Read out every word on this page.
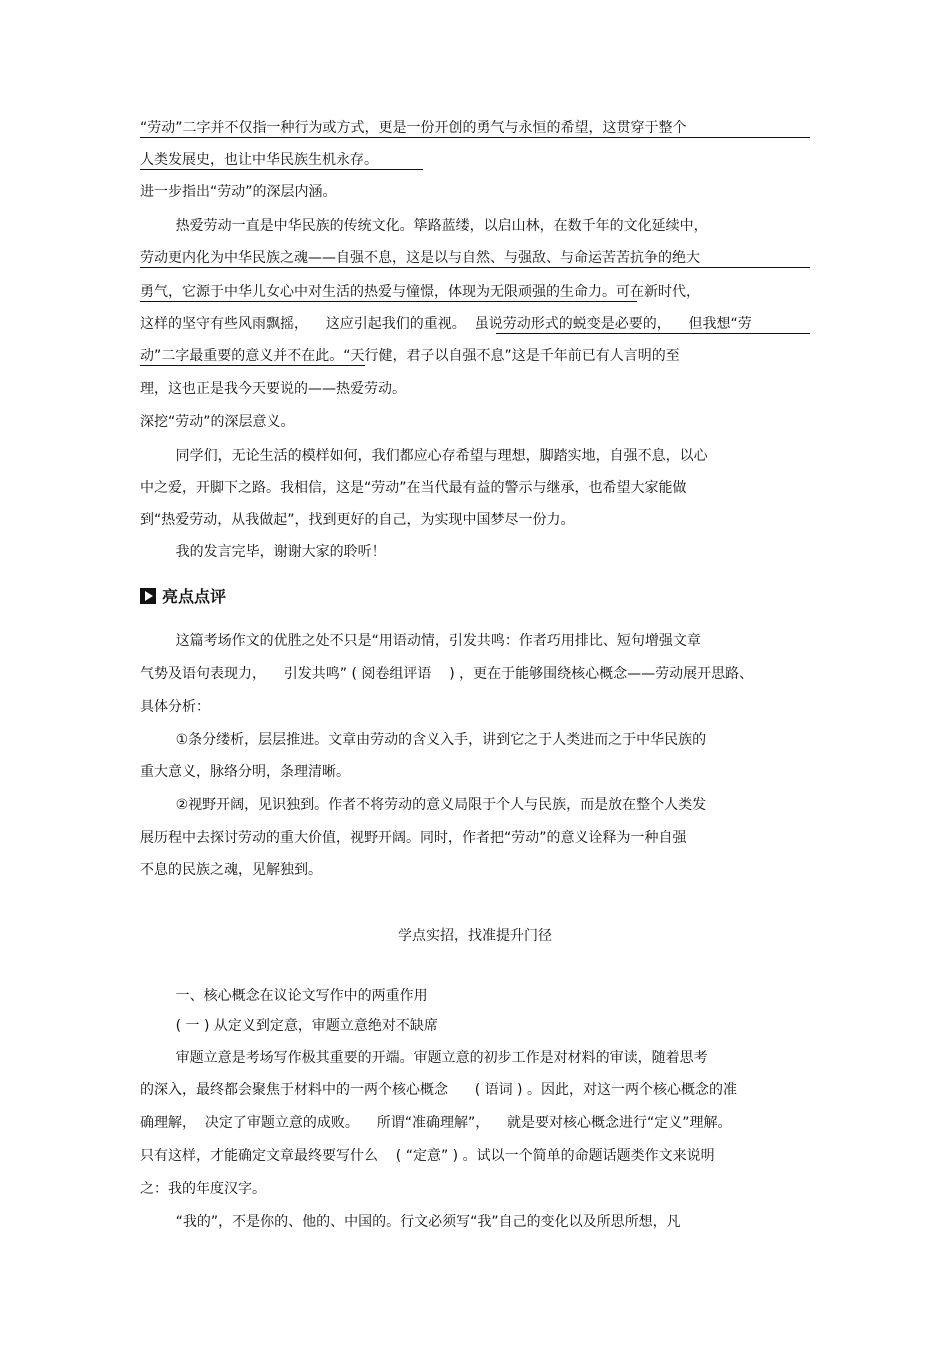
“劳动”二字并不仅指一种行为或方式，更是一份开创的勇气与永恒的希望，这贯穿于整个
人类发展史，也让中华民族生机永存。
进一步指出“劳动”的深层内涵。
热爱劳动一直是中华民族的传统文化。筚路蓝缕，以启山林，在数千年的文化延续中，
劳动更内化为中华民族之魂——自强不息，这是以与自然、与强敌、与命运苦苦抗争的绝大
勇气，它源于中华儿女心中对生活的热爱与憧憬，体现为无限顽强的生命力。可在新时代，
这样的坚守有些风雨飘摇，    这应引起我们的重视。  虽说劳动形式的蜕变是必要的，    但我想“劳
动”二字最重要的意义并不在此。“天行健，君子以自强不息”这是千年前已有人言明的至
理，这也正是我今天要说的——热爱劳动。
深挖“劳动”的深层意义。
同学们，无论生活的模样如何，我们都应心存希望与理想，脚踏实地，自强不息，以心
中之爱，开脚下之路。我相信，这是“劳动”在当代最有益的警示与继承，也希望大家能做
到“热爱劳动，从我做起”，找到更好的自己，为实现中国梦尽一份力。
我的发言完毕，谢谢大家的聆听！
亮点点评
这篇考场作文的优胜之处不只是“用语动情，引发共鸣：作者巧用排比、短句增强文章
气势及语句表现力，    引发共鸣” ( 阅卷组评语    ) ，更在于能够围绕核心概念——劳动展开思路、
具体分析：
①条分缕析，层层推进。文章由劳动的含义入手，讲到它之于人类进而之于中华民族的
重大意义，脉络分明，条理清晰。
②视野开阔，见识独到。作者不将劳动的意义局限于个人与民族，而是放在整个人类发
展历程中去探讨劳动的重大价值，视野开阔。同时，作者把“劳动”的意义诠释为一种自强
不息的民族之魂，见解独到。
学点实招，找准提升门径
一、核心概念在议论文写作中的两重作用
( 一 ) 从定义到定意，审题立意绝对不缺席
审题立意是考场写作极其重要的开端。审题立意的初步工作是对材料的审读，随着思考
的深入，最终都会聚焦于材料中的一两个核心概念      ( 语词 ) 。因此，对这一两个核心概念的准
确理解，  决定了审题立意的成败。    所谓“准确理解”，    就是要对核心概念进行“定义”理解。
只有这样，才能确定文章最终要写什么    ( “定意” ) 。试以一个简单的命题话题类作文来说明
之：我的年度汉字。
“我的”，不是你的、他的、中国的。行文必须写“我”自己的变化以及所思所想，凡
